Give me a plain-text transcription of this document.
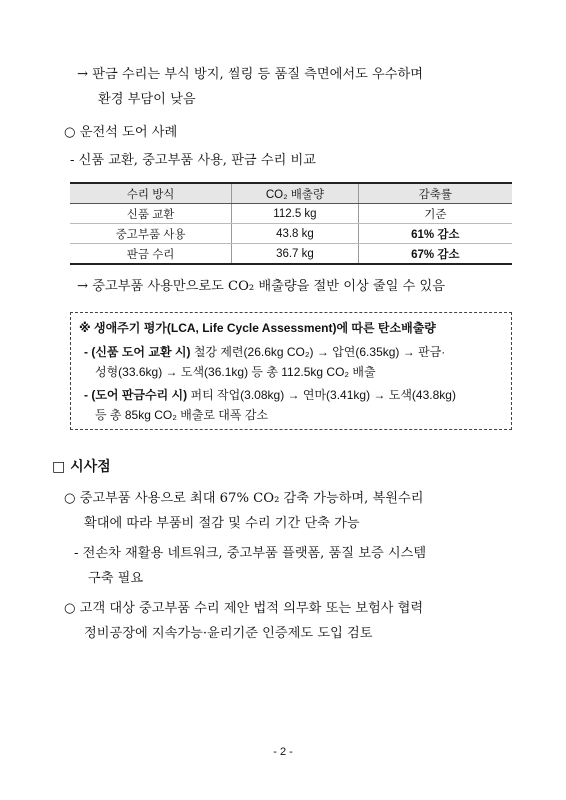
→ 판금 수리는 부식 방지, 씰링 등 품질 측면에서도 우수하며
환경 부담이 낮음
○ 운전석 도어 사례
- 신품 교환, 중고부품 사용, 판금 수리 비교
수리 방식	CO₂ 배출량	감축률
신품 교환	112.5 kg	기준
중고부품 사용	43.8 kg	61% 감소
판금 수리	36.7 kg	67% 감소
→ 중고부품 사용만으로도 CO₂ 배출량을 절반 이상 줄일 수 있음
※ 생애주기 평가(LCA, Life Cycle Assessment)에 따른 탄소배출량
- (신품 도어 교환 시) 철강 제련(26.6kg CO₂) → 압연(6.35kg) → 판금·
성형(33.6kg) → 도색(36.1kg) 등 총 112.5kg CO₂ 배출
- (도어 판금수리 시) 퍼티 작업(3.08kg) → 연마(3.41kg) → 도색(43.8kg)
등 총 85kg CO₂ 배출로 대폭 감소
□ 시사점
○ 중고부품 사용으로 최대 67% CO₂ 감축 가능하며, 복원수리
확대에 따라 부품비 절감 및 수리 기간 단축 가능
- 전손차 재활용 네트워크, 중고부품 플랫폼, 품질 보증 시스템
구축 필요
○ 고객 대상 중고부품 수리 제안 법적 의무화 또는 보험사 협력
정비공장에 지속가능·윤리기준 인증제도 도입 검토
- 2 -
